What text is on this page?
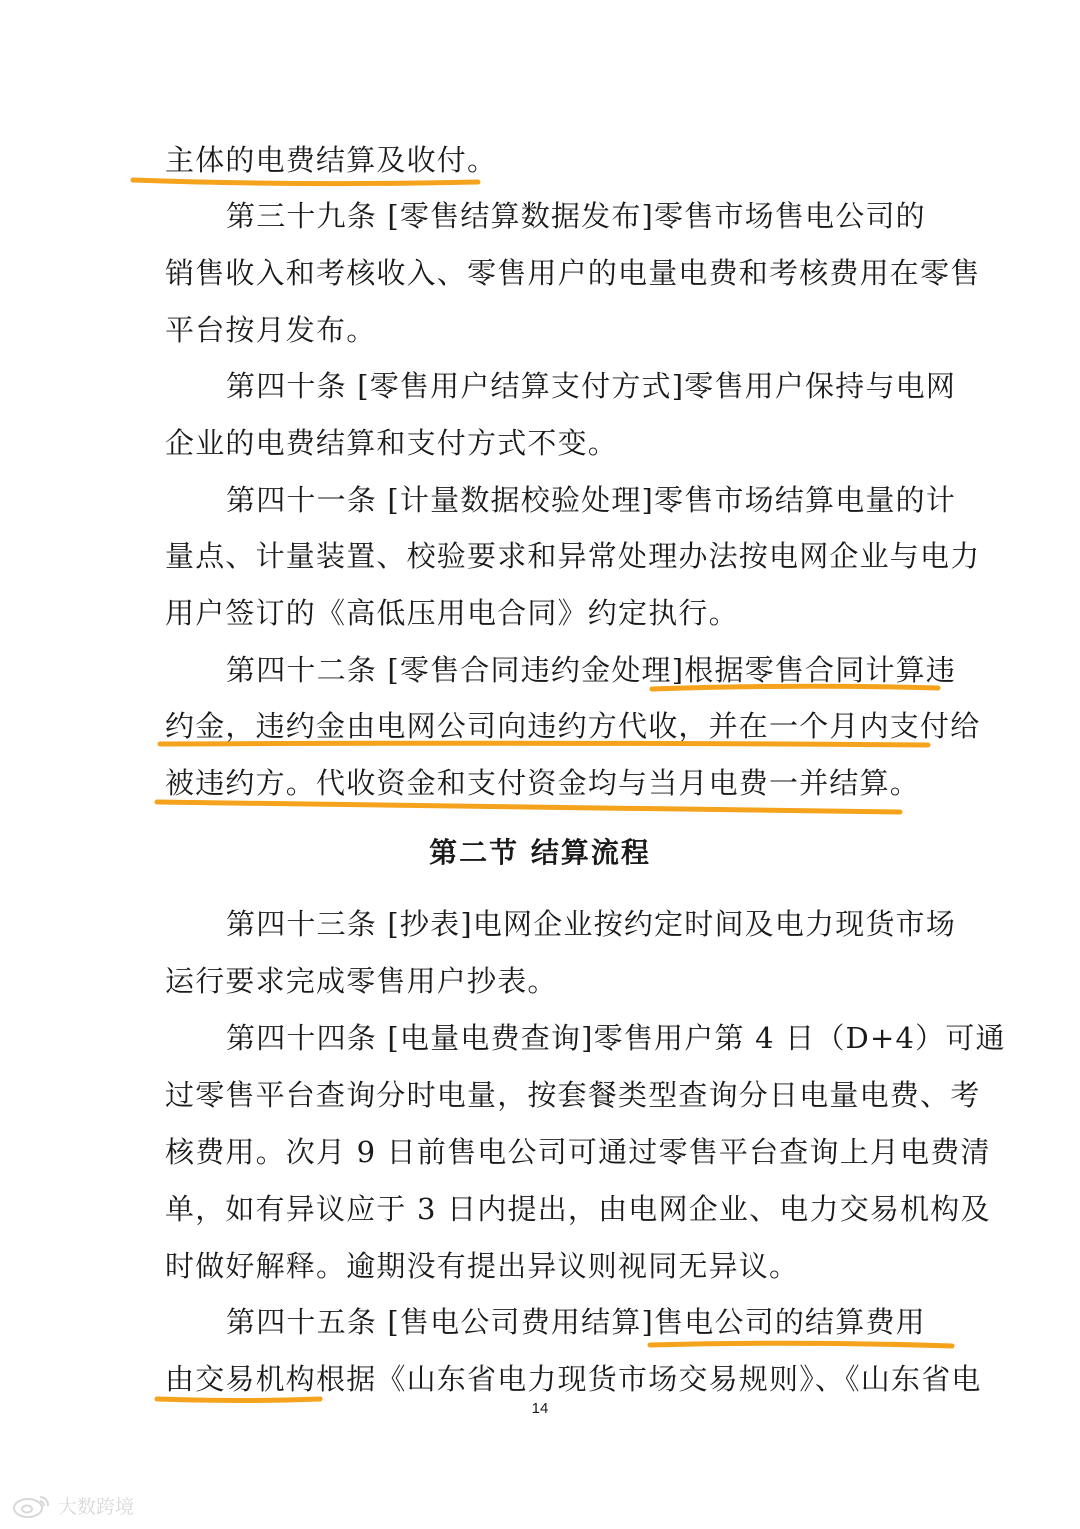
主体的电费结算及收付。
第三十九条 [零售结算数据发布]零售市场售电公司的
销售收入和考核收入、零售用户的电量电费和考核费用在零售
平台按月发布。
第四十条 [零售用户结算支付方式]零售用户保持与电网
企业的电费结算和支付方式不变。
第四十一条 [计量数据校验处理]零售市场结算电量的计
量点、计量装置、校验要求和异常处理办法按电网企业与电力
用户签订的《高低压用电合同》约定执行。
第四十二条 [零售合同违约金处理]根据零售合同计算违
约金，违约金由电网公司向违约方代收，并在一个月内支付给
被违约方。代收资金和支付资金均与当月电费一并结算。
第二节 结算流程
第四十三条 [抄表]电网企业按约定时间及电力现货市场
运行要求完成零售用户抄表。
第四十四条 [电量电费查询]零售用户第 4 日（D+4）可通
过零售平台查询分时电量，按套餐类型查询分日电量电费、考
核费用。次月 9 日前售电公司可通过零售平台查询上月电费清
单，如有异议应于 3 日内提出，由电网企业、电力交易机构及
时做好解释。逾期没有提出异议则视同无异议。
第四十五条 [售电公司费用结算]售电公司的结算费用
由交易机构根据《山东省电力现货市场交易规则》、《山东省电
14
大数跨境
